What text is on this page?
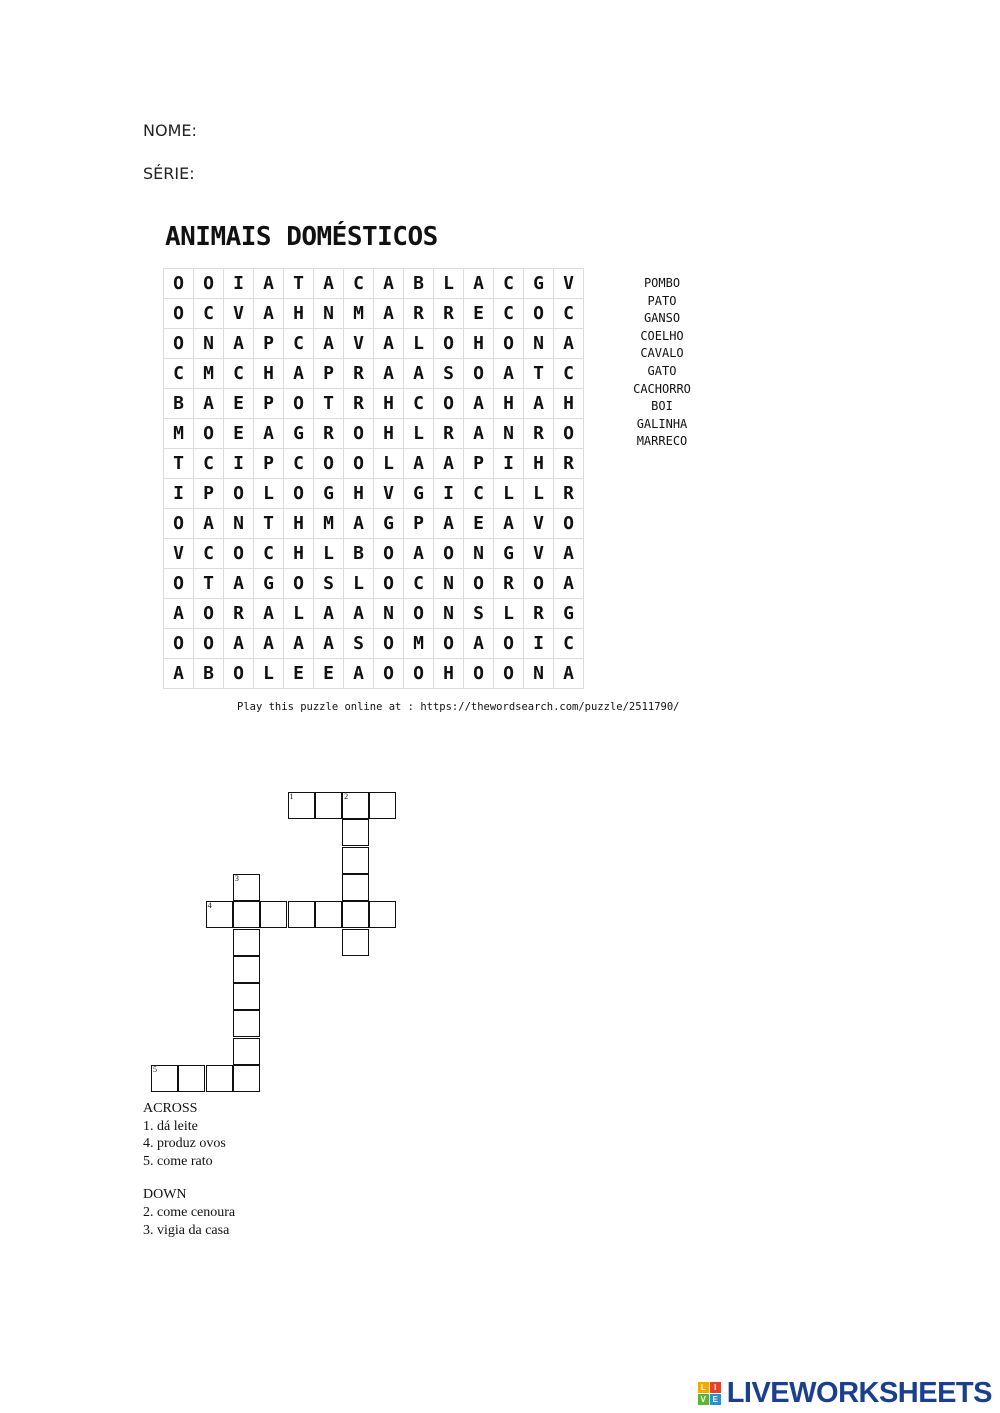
NOME:
SÉRIE:
ANIMAIS DOMÉSTICOS
O	O	I	A	T	A	C	A	B	L	A	C	G	V
O	C	V	A	H	N	M	A	R	R	E	C	O	C
O	N	A	P	C	A	V	A	L	O	H	O	N	A
C	M	C	H	A	P	R	A	A	S	O	A	T	C
B	A	E	P	O	T	R	H	C	O	A	H	A	H
M	O	E	A	G	R	O	H	L	R	A	N	R	O
T	C	I	P	C	O	O	L	A	A	P	I	H	R
I	P	O	L	O	G	H	V	G	I	C	L	L	R
O	A	N	T	H	M	A	G	P	A	E	A	V	O
V	C	O	C	H	L	B	O	A	O	N	G	V	A
O	T	A	G	O	S	L	O	C	N	O	R	O	A
A	O	R	A	L	A	A	N	O	N	S	L	R	G
O	O	A	A	A	A	S	O	M	O	A	O	I	C
A	B	O	L	E	E	A	O	O	H	O	O	N	A
POMBO
PATO
GANSO
COELHO
CAVALO
GATO
CACHORRO
BOI
GALINHA
MARRECO
Play this puzzle online at : https://thewordsearch.com/puzzle/2511790/
1	2
3
4
5
ACROSS
1. dá leite
4. produz ovos
5. come rato
DOWN
2. come cenoura
3. vigia da casa
L	I
V E LIVEWORKSHEETS
